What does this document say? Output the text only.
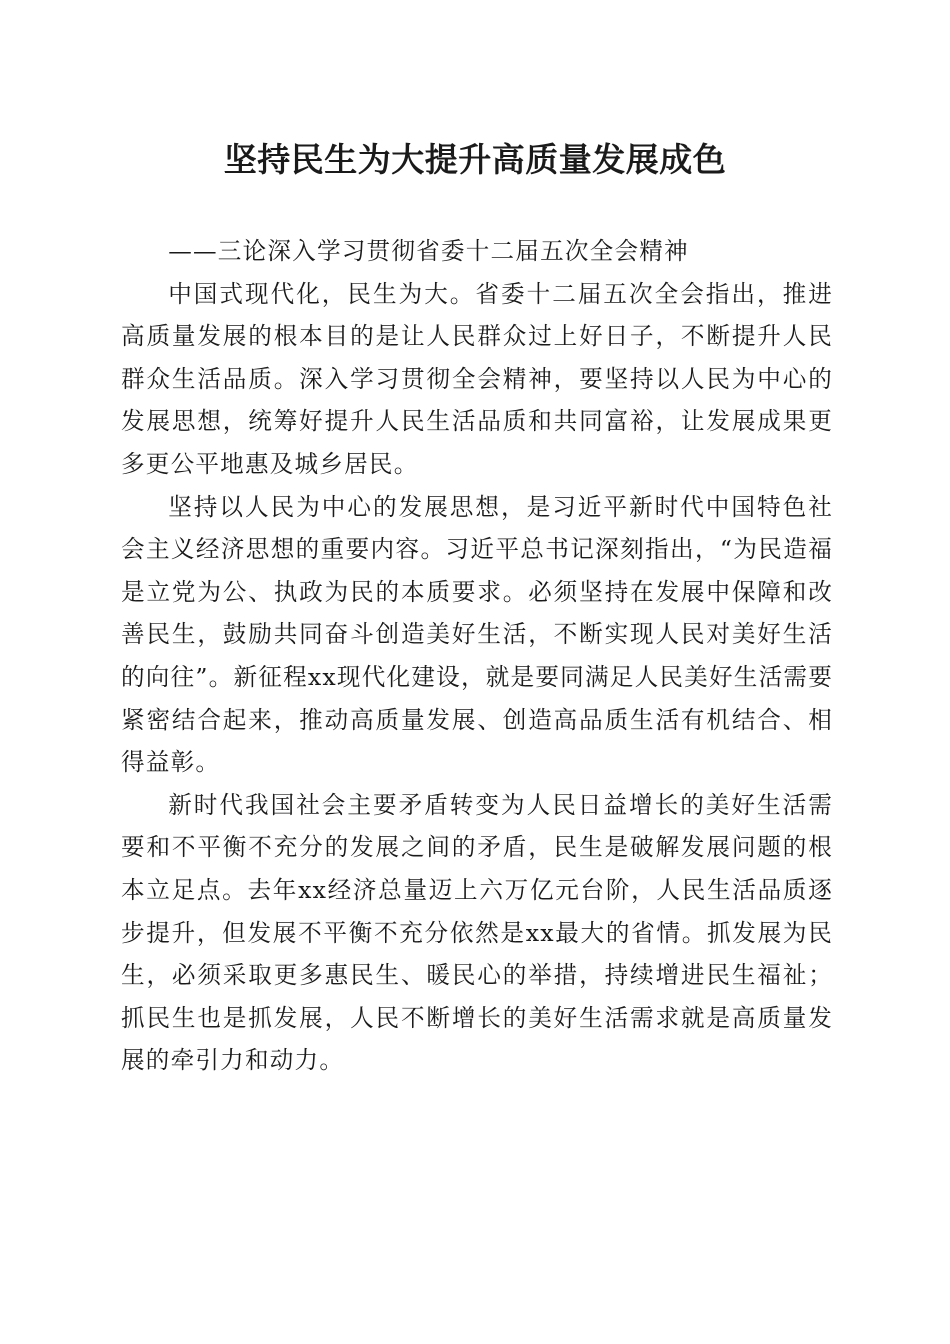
坚持民生为大提升高质量发展成色

——三论深入学习贯彻省委十二届五次全会精神

中国式现代化，民生为大。省委十二届五次全会指出，推进高质量发展的根本目的是让人民群众过上好日子，不断提升人民群众生活品质。深入学习贯彻全会精神，要坚持以人民为中心的发展思想，统筹好提升人民生活品质和共同富裕，让发展成果更多更公平地惠及城乡居民。

坚持以人民为中心的发展思想，是习近平新时代中国特色社会主义经济思想的重要内容。习近平总书记深刻指出，“为民造福是立党为公、执政为民的本质要求。必须坚持在发展中保障和改善民生，鼓励共同奋斗创造美好生活，不断实现人民对美好生活的向往”。新征程xx现代化建设，就是要同满足人民美好生活需要紧密结合起来，推动高质量发展、创造高品质生活有机结合、相得益彰。

新时代我国社会主要矛盾转变为人民日益增长的美好生活需要和不平衡不充分的发展之间的矛盾，民生是破解发展问题的根本立足点。去年xx经济总量迈上六万亿元台阶，人民生活品质逐步提升，但发展不平衡不充分依然是xx最大的省情。抓发展为民生，必须采取更多惠民生、暖民心的举措，持续增进民生福祉；抓民生也是抓发展，人民不断增长的美好生活需求就是高质量发展的牵引力和动力。
